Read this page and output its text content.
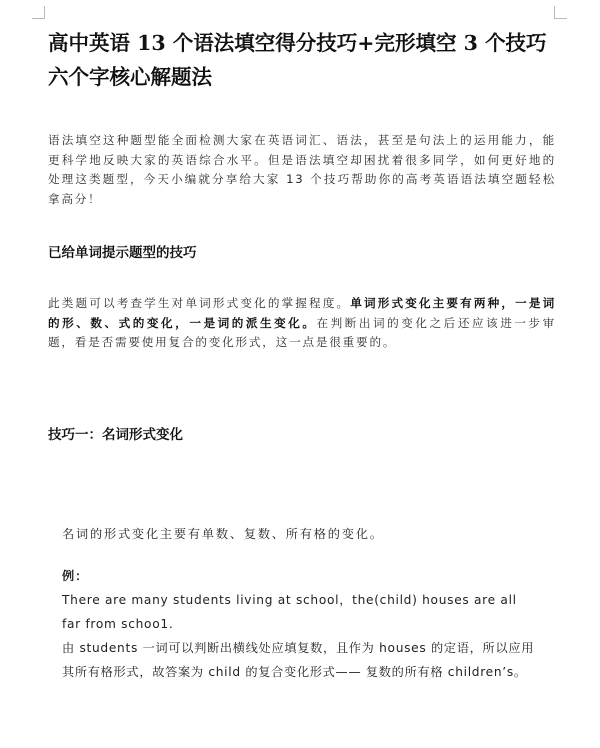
高中英语 13 个语法填空得分技巧+完形填空 3 个技巧六个字核心解题法

语法填空这种题型能全面检测大家在英语词汇、语法，甚至是句法上的运用能力，能更科学地反映大家的英语综合水平。但是语法填空却困扰着很多同学，如何更好地的处理这类题型，今天小编就分享给大家 13 个技巧帮助你的高考英语语法填空题轻松拿高分！

已给单词提示题型的技巧

此类题可以考查学生对单词形式变化的掌握程度。单词形式变化主要有两种，一是词的形、数、式的变化，一是词的派生变化。在判断出词的变化之后还应该进一步审题，看是否需要使用复合的变化形式，这一点是很重要的。

技巧一：名词形式变化

名词的形式变化主要有单数、复数、所有格的变化。

例：

There are many students living at school，the(child) houses are all far from schoo1.

由 students 一词可以判断出横线处应填复数，且作为 houses 的定语，所以应用其所有格形式，故答案为 child 的复合变化形式—— 复数的所有格 children’s。
